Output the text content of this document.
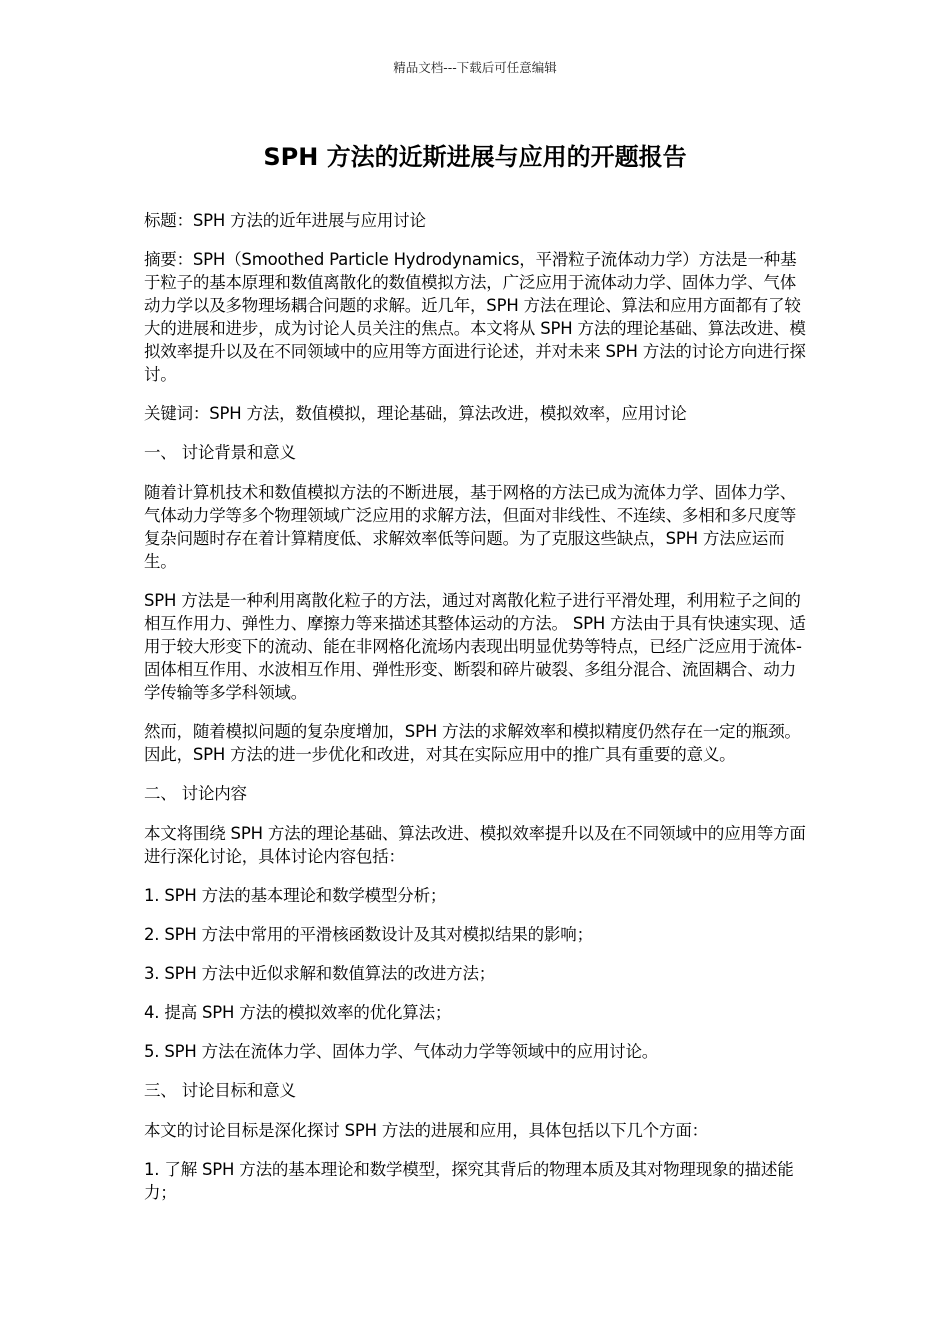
精品文档---下载后可任意编辑
SPH 方法的近斯进展与应用的开题报告

标题：SPH 方法的近年进展与应用讨论

摘要：SPH（Smoothed Particle Hydrodynamics，平滑粒子流体动力学）方法是一种基于粒子的基本原理和数值离散化的数值模拟方法，广泛应用于流体动力学、固体力学、气体动力学以及多物理场耦合问题的求解。近几年，SPH 方法在理论、算法和应用方面都有了较大的进展和进步，成为讨论人员关注的焦点。本文将从 SPH 方法的理论基础、算法改进、模拟效率提升以及在不同领域中的应用等方面进行论述，并对未来 SPH 方法的讨论方向进行探讨。

关键词：SPH 方法，数值模拟，理论基础，算法改进，模拟效率，应用讨论

一、 讨论背景和意义

随着计算机技术和数值模拟方法的不断进展，基于网格的方法已成为流体力学、固体力学、气体动力学等多个物理领域广泛应用的求解方法，但面对非线性、不连续、多相和多尺度等复杂问题时存在着计算精度低、求解效率低等问题。为了克服这些缺点，SPH 方法应运而生。

SPH 方法是一种利用离散化粒子的方法，通过对离散化粒子进行平滑处理，利用粒子之间的相互作用力、弹性力、摩擦力等来描述其整体运动的方法。 SPH 方法由于具有快速实现、适用于较大形变下的流动、能在非网格化流场内表现出明显优势等特点，已经广泛应用于流体-固体相互作用、水波相互作用、弹性形变、断裂和碎片破裂、多组分混合、流固耦合、动力学传输等多学科领域。

然而，随着模拟问题的复杂度增加，SPH 方法的求解效率和模拟精度仍然存在一定的瓶颈。因此，SPH 方法的进一步优化和改进，对其在实际应用中的推广具有重要的意义。

二、 讨论内容

本文将围绕 SPH 方法的理论基础、算法改进、模拟效率提升以及在不同领域中的应用等方面进行深化讨论，具体讨论内容包括：

1. SPH 方法的基本理论和数学模型分析；

2. SPH 方法中常用的平滑核函数设计及其对模拟结果的影响；

3. SPH 方法中近似求解和数值算法的改进方法；

4. 提高 SPH 方法的模拟效率的优化算法；

5. SPH 方法在流体力学、固体力学、气体动力学等领域中的应用讨论。

三、 讨论目标和意义

本文的讨论目标是深化探讨 SPH 方法的进展和应用，具体包括以下几个方面：

1. 了解 SPH 方法的基本理论和数学模型，探究其背后的物理本质及其对物理现象的描述能力；
